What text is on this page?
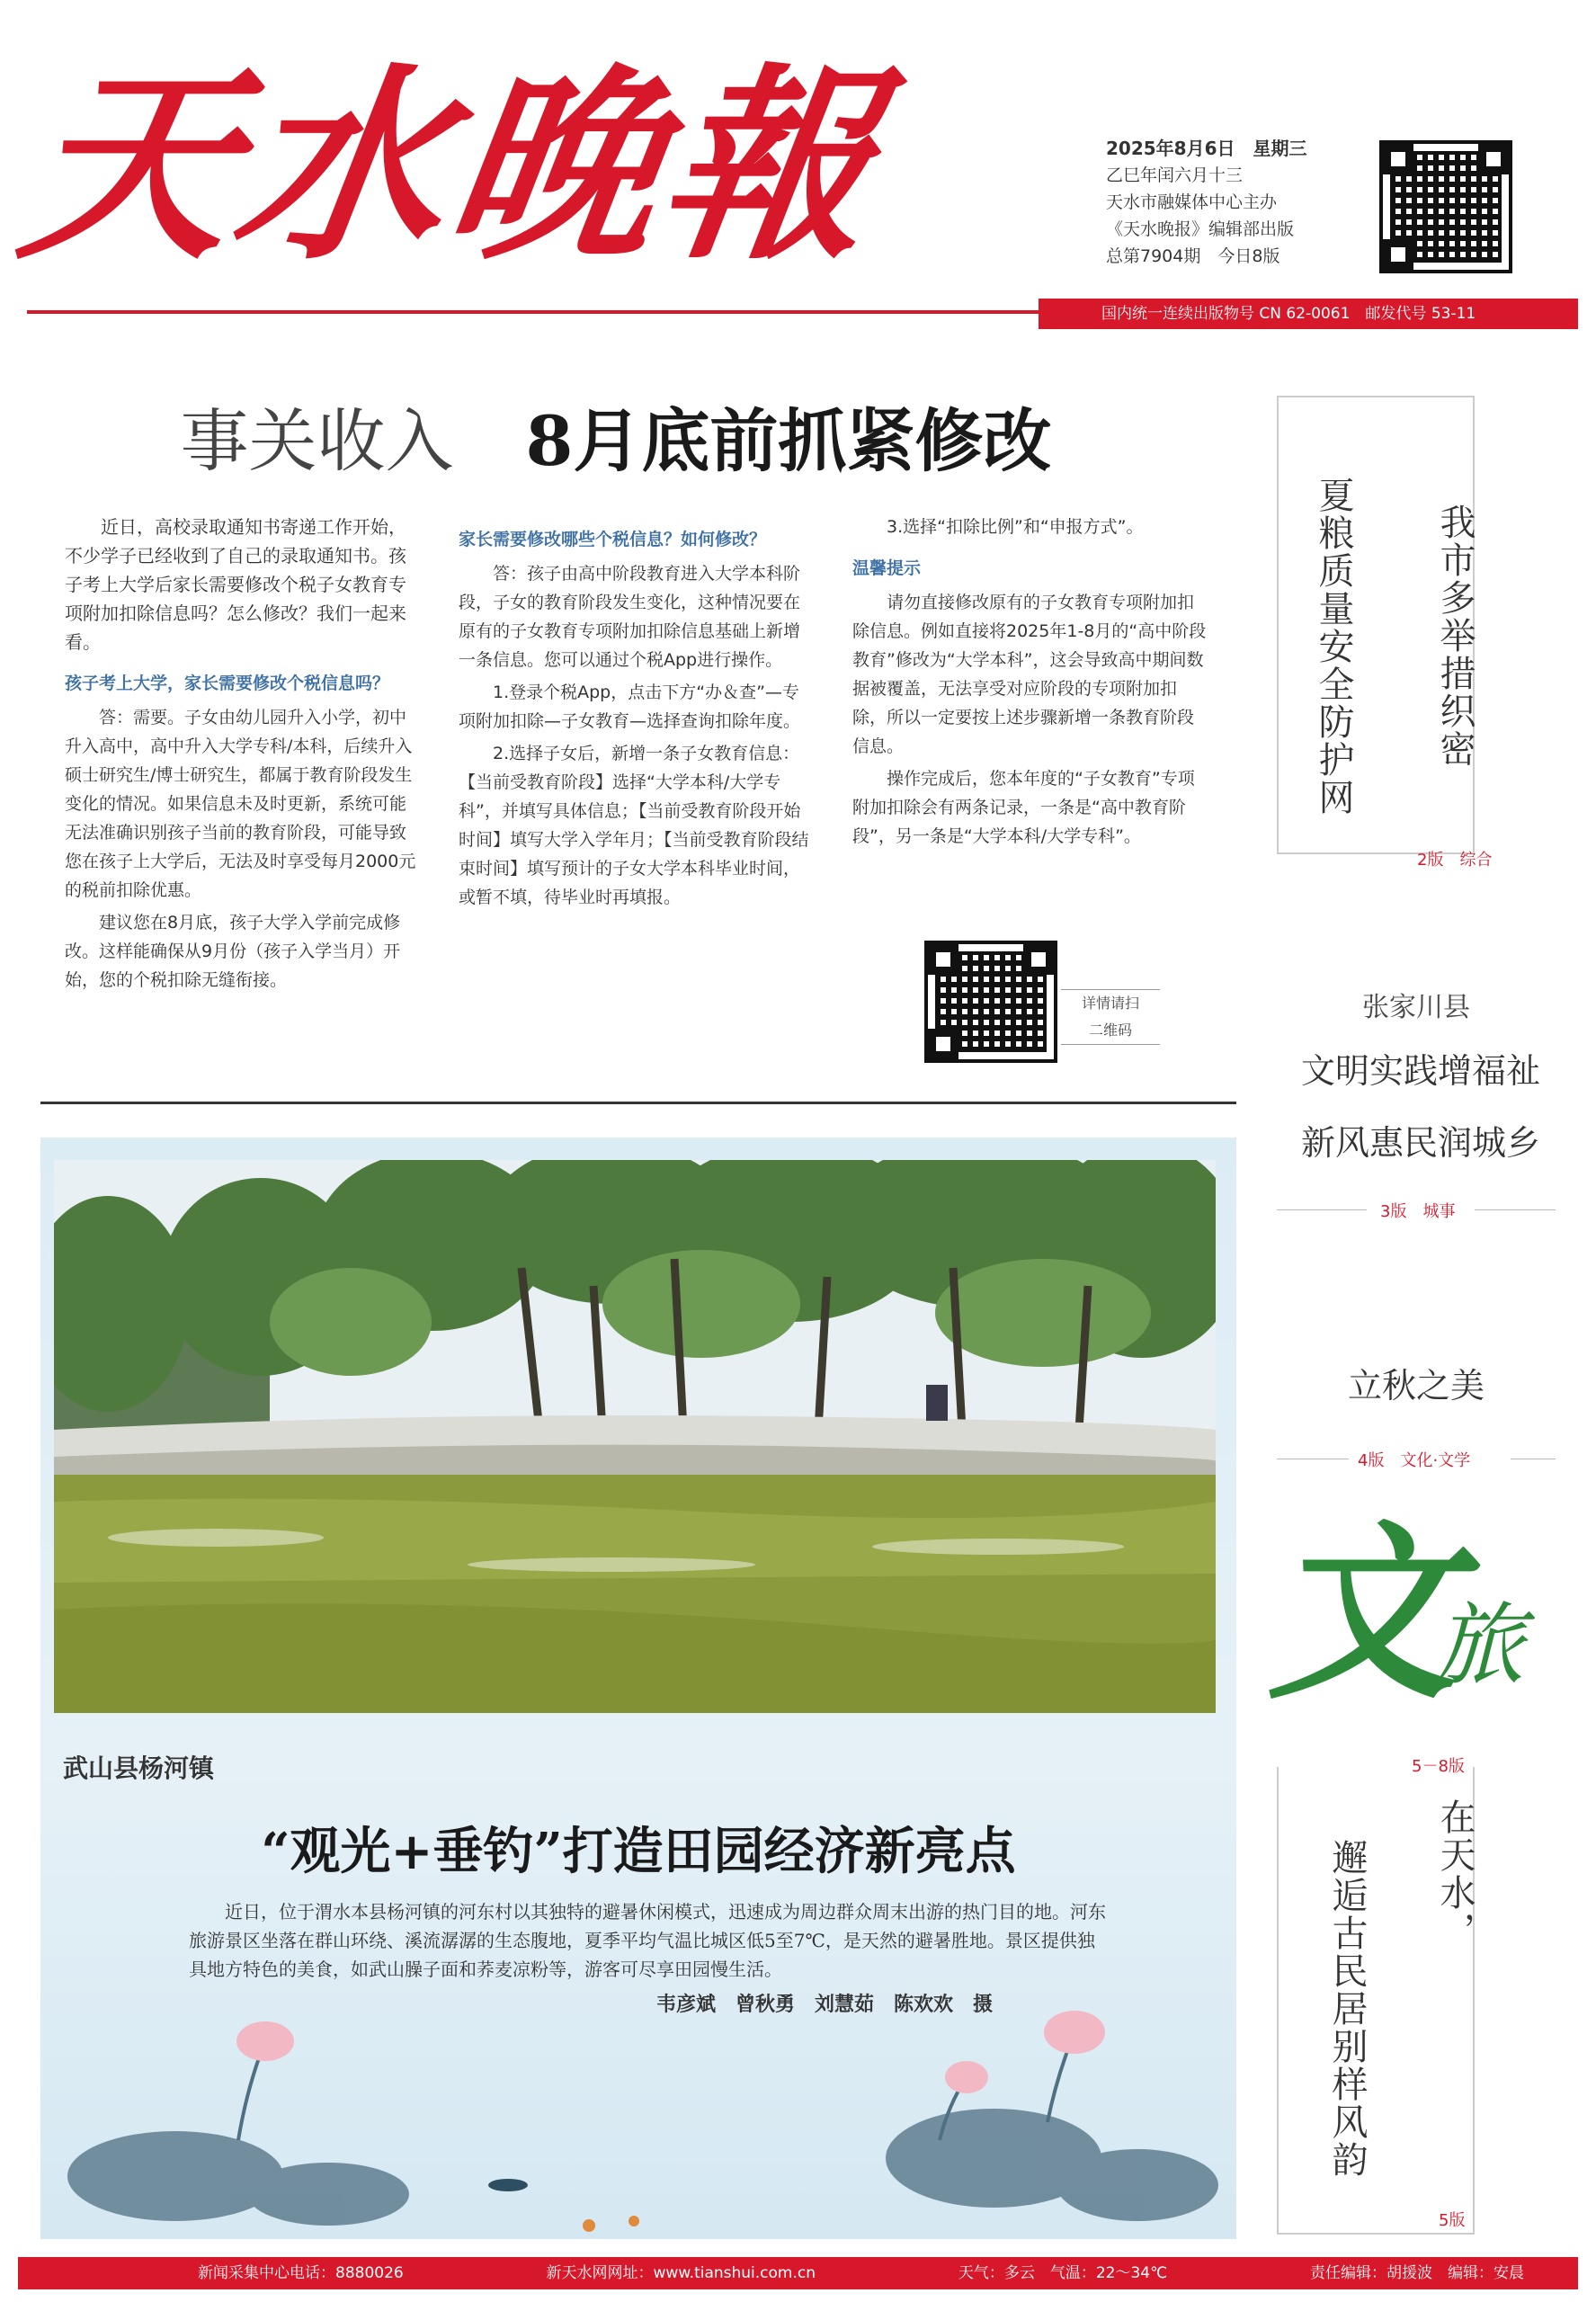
天水晚報	2025年8月6日　星期三
乙巳年闰六月十三
天水市融媒体中心主办
《天水晚报》编辑部出版
总第7904期　今日8版
国内统一连续出版物号 CN 62-0061　邮发代号 53-11
事关收入 8月底前抓紧修改

近日，高校录取通知书寄递工作开始，不少学子已经收到了自己的录取通知书。孩子考上大学后家长需要修改个税子女教育专项附加扣除信息吗？怎么修改？我们一起来看。

孩子考上大学，家长需要修改个税信息吗？

答：需要。子女由幼儿园升入小学，初中升入高中，高中升入大学专科/本科，后续升入硕士研究生/博士研究生，都属于教育阶段发生变化的情况。如果信息未及时更新，系统可能无法准确识别孩子当前的教育阶段，可能导致您在孩子上大学后，无法及时享受每月2000元的税前扣除优惠。

建议您在8月底，孩子大学入学前完成修改。这样能确保从9月份（孩子入学当月）开始，您的个税扣除无缝衔接。

家长需要修改哪些个税信息？如何修改？

答：孩子由高中阶段教育进入大学本科阶段，子女的教育阶段发生变化，这种情况要在原有的子女教育专项附加扣除信息基础上新增一条信息。您可以通过个税App进行操作。

1.登录个税App，点击下方“办＆查”—专项附加扣除—子女教育—选择查询扣除年度。

2.选择子女后，新增一条子女教育信息：【当前受教育阶段】选择“大学本科/大学专科”，并填写具体信息；【当前受教育阶段开始时间】填写大学入学年月；【当前受教育阶段结束时间】填写预计的子女大学本科毕业时间，或暂不填，待毕业时再填报。

3.选择“扣除比例”和“申报方式”。

温馨提示

请勿直接修改原有的子女教育专项附加扣除信息。例如直接将2025年1-8月的“高中阶段教育”修改为“大学本科”，这会导致高中期间数据被覆盖，无法享受对应阶段的专项附加扣除，所以一定要按上述步骤新增一条教育阶段信息。

操作完成后，您本年度的“子女教育”专项附加扣除会有两条记录，一条是“高中教育阶段”，另一条是“大学本科/大学专科”。

详情请扫
二维码
我市多举措织密
夏粮质量安全防护网
2版　综合
张家川县
文明实践增福祉
新风惠民润城乡
3版　城事
立秋之美
4版　文化·文学
文
旅
5－8版
在天水，
邂逅古民居别样风韵
5版
武山县杨河镇
“观光+垂钓”打造田园经济新亮点

近日，位于渭水本县杨河镇的河东村以其独特的避暑休闲模式，迅速成为周边群众周末出游的热门目的地。河东旅游景区坐落在群山环绕、溪流潺潺的生态腹地，夏季平均气温比城区低5至7℃，是天然的避暑胜地。景区提供独具地方特色的美食，如武山臊子面和荞麦凉粉等，游客可尽享田园慢生活。

韦彦斌　曾秋勇　刘慧茹　陈欢欢　摄
新闻采集中心电话：8880026	新天水网网址：www.tianshui.com.cn	天气：多云　气温：22～34℃	责任编辑：胡援波　编辑：安晨
